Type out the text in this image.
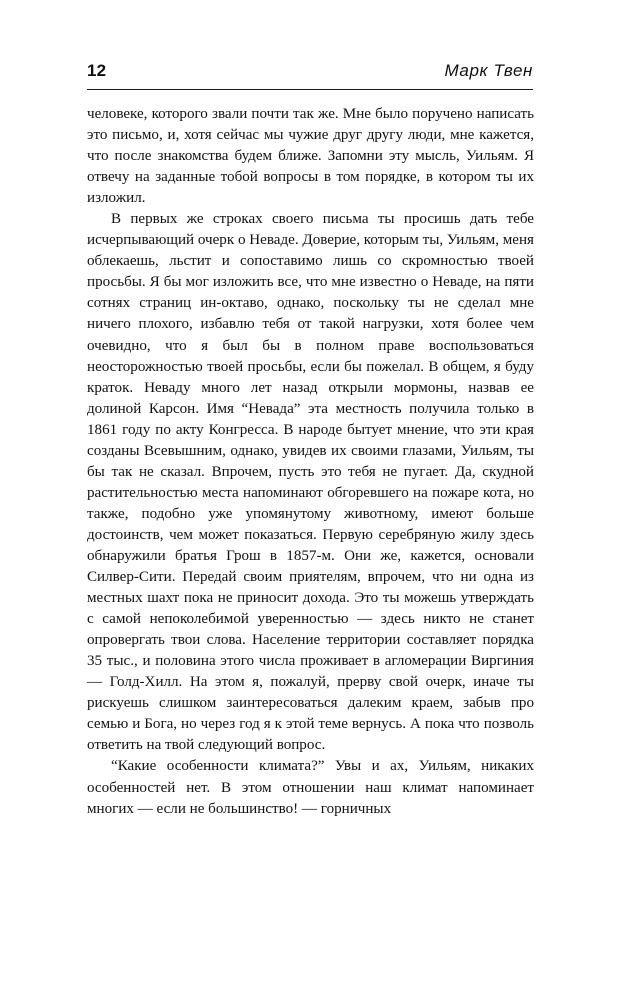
12	Марк Твен

человеке, которого звали почти так же. Мне было поручено написать это письмо, и, хотя сейчас мы чужие друг другу люди, мне кажется, что после знакомства будем ближе. Запомни эту мысль, Уильям. Я отвечу на заданные тобой вопросы в том порядке, в котором ты их изложил.

В первых же строках своего письма ты просишь дать тебе исчерпывающий очерк о Неваде. Доверие, которым ты, Уильям, меня облекаешь, льстит и сопоставимо лишь со скромностью твоей просьбы. Я бы мог изложить все, что мне известно о Неваде, на пяти сотнях страниц ин-октаво, однако, поскольку ты не сделал мне ничего плохого, избавлю тебя от такой нагрузки, хотя более чем очевидно, что я был бы в полном праве воспользоваться неосторожностью твоей просьбы, если бы пожелал. В общем, я буду краток. Неваду много лет назад открыли мормоны, назвав ее долиной Карсон. Имя “Невада” эта местность получила только в 1861 году по акту Конгресса. В народе бытует мнение, что эти края созданы Всевышним, однако, увидев их своими глазами, Уильям, ты бы так не сказал. Впрочем, пусть это тебя не пугает. Да, скудной растительностью места напоминают обгоревшего на пожаре кота, но также, подобно уже упомянутому животному, имеют больше достоинств, чем может показаться. Первую серебряную жилу здесь обнаружили братья Грош в 1857-м. Они же, кажется, основали Силвер-Сити. Передай своим приятелям, впрочем, что ни одна из местных шахт пока не приносит дохода. Это ты можешь утверждать с самой непоколебимой уверенностью — здесь никто не станет опровергать твои слова. Население территории составляет порядка 35 тыс., и половина этого числа проживает в агломерации Виргиния — Голд-Хилл. На этом я, пожалуй, прерву свой очерк, иначе ты рискуешь слишком заинтересоваться далеким краем, забыв про семью и Бога, но через год я к этой теме вернусь. А пока что позволь ответить на твой следующий вопрос.

“Какие особенности климата?” Увы и ах, Уильям, никаких особенностей нет. В этом отношении наш климат напоминает многих — если не большинство! — горничных
